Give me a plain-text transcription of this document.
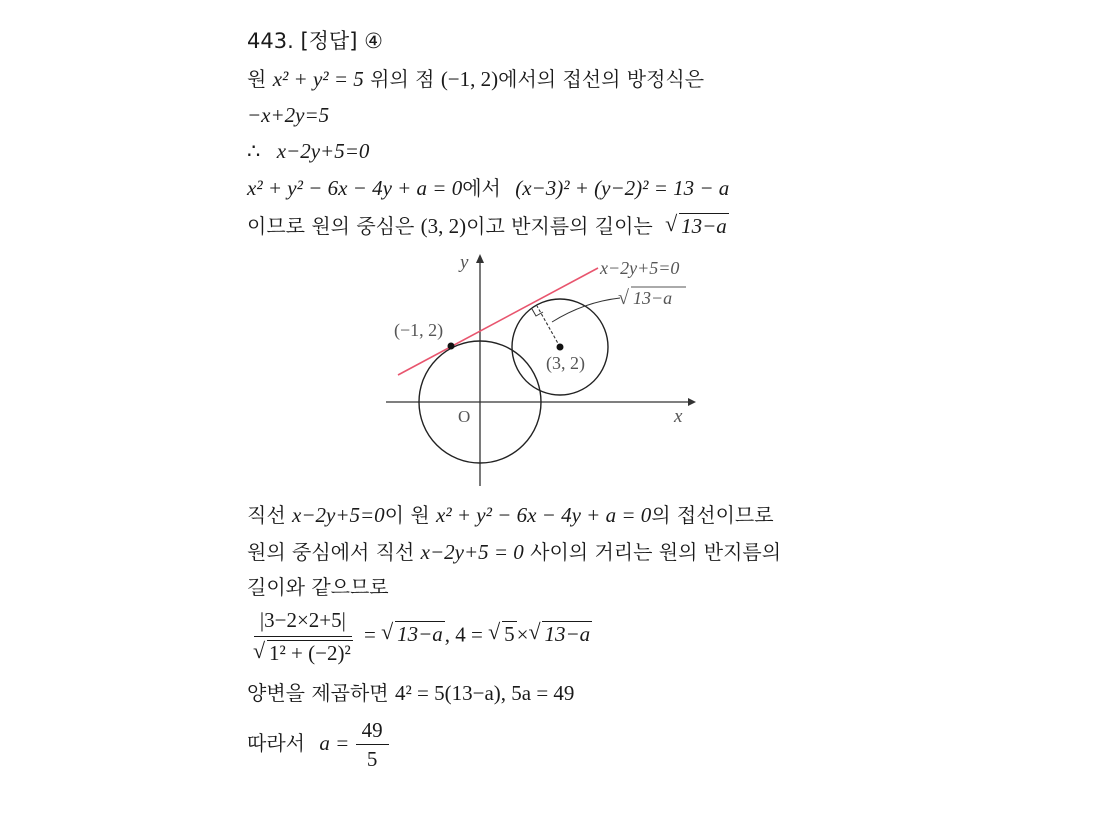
443. [정답] ④
원 x² + y² = 5 위의 점 (−1, 2)에서의 접선의 방정식은
−x+2y=5
∴ x−2y+5=0
x² + y² − 6x − 4y + a = 0에서 (x−3)² + (y−2)² = 13 − a
이므로 원의 중심은 (3, 2)이고 반지름의 길이는 √ 13−a
y
x
O
x−2y+5=0
√ 13−a
(−1, 2)
(3, 2)
직선 x−2y+5=0이 원 x² + y² − 6x − 4y + a = 0의 접선이므로
원의 중심에서 직선 x−2y+5 = 0 사이의 거리는 원의 반지름의
길이와 같으므로
|3−2×2+5|
√ 1² + (−2)² = √ 13−a, 4 = √ 5× √ 13−a
양변을 제곱하면 4² = 5(13−a), 5a = 49
따라서 $a = \frac{49}{5}$
